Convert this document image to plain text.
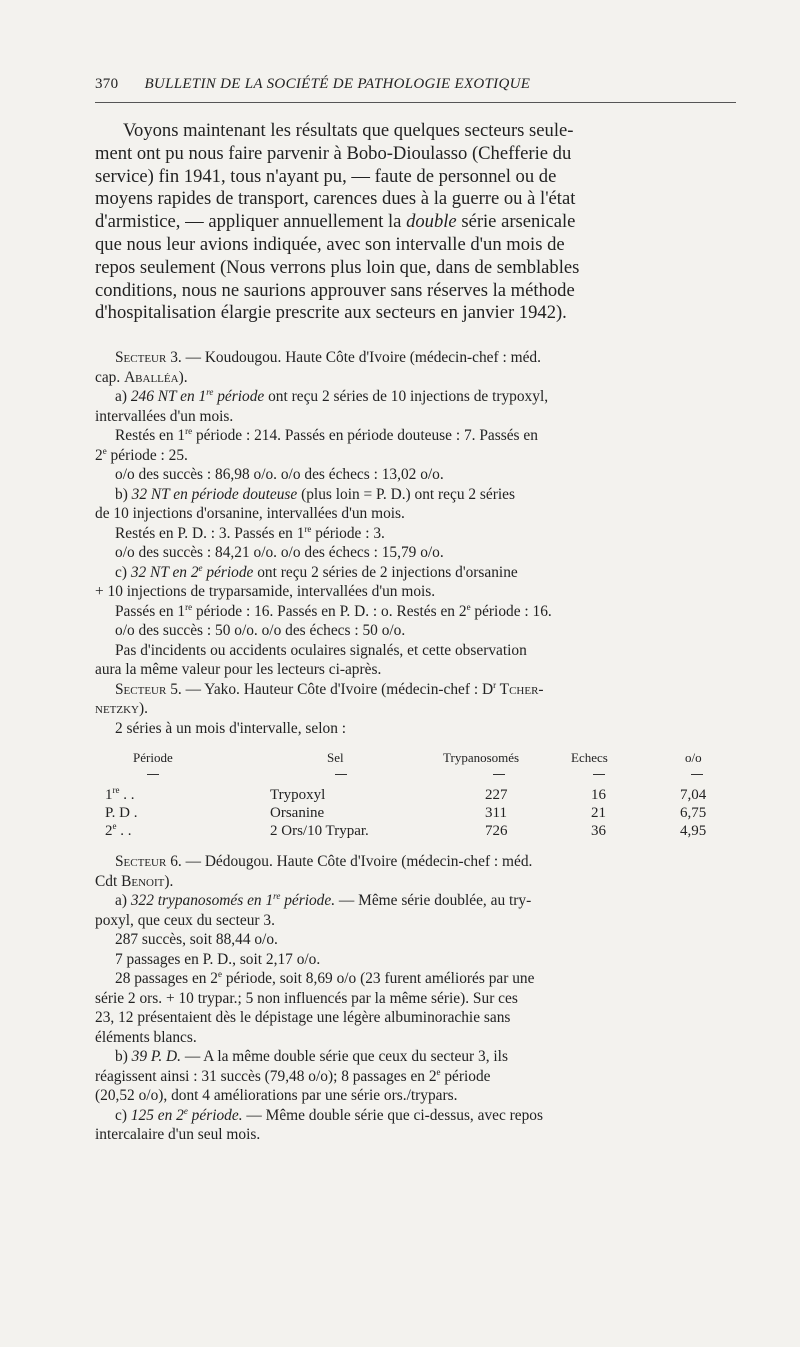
370 BULLETIN DE LA SOCIÉTÉ DE PATHOLOGIE EXOTIQUE

Voyons maintenant les résultats que quelques secteurs seule-
ment ont pu nous faire parvenir à Bobo-Dioulasso (Chefferie du
service) fin 1941, tous n'ayant pu, — faute de personnel ou de
moyens rapides de transport, carences dues à la guerre ou à l'état
d'armistice, — appliquer annuellement la double série arsenicale
que nous leur avions indiquée, avec son intervalle d'un mois de
repos seulement (Nous verrons plus loin que, dans de semblables
conditions, nous ne saurions approuver sans réserves la méthode
d'hospitalisation élargie prescrite aux secteurs en janvier 1942).

Secteur 3. — Koudougou. Haute Côte d'Ivoire (médecin-chef : méd.
cap. Aballéa).

a) 246 NT en 1re période ont reçu 2 séries de 10 injections de trypoxyl,
intervallées d'un mois.

Restés en 1re période : 214. Passés en période douteuse : 7. Passés en
2e période : 25.

o/o des succès : 86,98 o/o. o/o des échecs : 13,02 o/o.

b) 32 NT en période douteuse (plus loin = P. D.) ont reçu 2 séries
de 10 injections d'orsanine, intervallées d'un mois.

Restés en P. D. : 3. Passés en 1re période : 3.

o/o des succès : 84,21 o/o. o/o des échecs : 15,79 o/o.

c) 32 NT en 2e période ont reçu 2 séries de 2 injections d'orsanine
+ 10 injections de tryparsamide, intervallées d'un mois.

Passés en 1re période : 16. Passés en P. D. : o. Restés en 2e période : 16.

o/o des succès : 50 o/o. o/o des échecs : 50 o/o.

Pas d'incidents ou accidents oculaires signalés, et cette observation
aura la même valeur pour les lecteurs ci-après.

Secteur 5. — Yako. Hauteur Côte d'Ivoire (médecin-chef : $D^r$ Tcher-
netzky).

2 séries à un mois d'intervalle, selon :

Période	Sel	Trypanosomés	Echecs	o/o
1re . .	Trypoxyl	227	16	7,04
P. D .	Orsanine	311	21	6,75
2e . .	2 Ors/10 Trypar.	726	36	4,95

Secteur 6. — Dédougou. Haute Côte d'Ivoire (médecin-chef : méd.
Cdt Benoit).

a) 322 trypanosomés en 1re période. — Même série doublée, au try-
poxyl, que ceux du secteur 3.

287 succès, soit 88,44 o/o.

7 passages en P. D., soit 2,17 o/o.

28 passages en 2e période, soit 8,69 o/o (23 furent améliorés par une
série 2 ors. + 10 trypar.; 5 non influencés par la même série). Sur ces
23, 12 présentaient dès le dépistage une légère albuminorachie sans
éléments blancs.

b) 39 P. D. — A la même double série que ceux du secteur 3, ils
réagissent ainsi : 31 succès (79,48 o/o); 8 passages en 2e période
(20,52 o/o), dont 4 améliorations par une série ors./trypars.

c) 125 en 2e période. — Même double série que ci-dessus, avec repos
intercalaire d'un seul mois.
